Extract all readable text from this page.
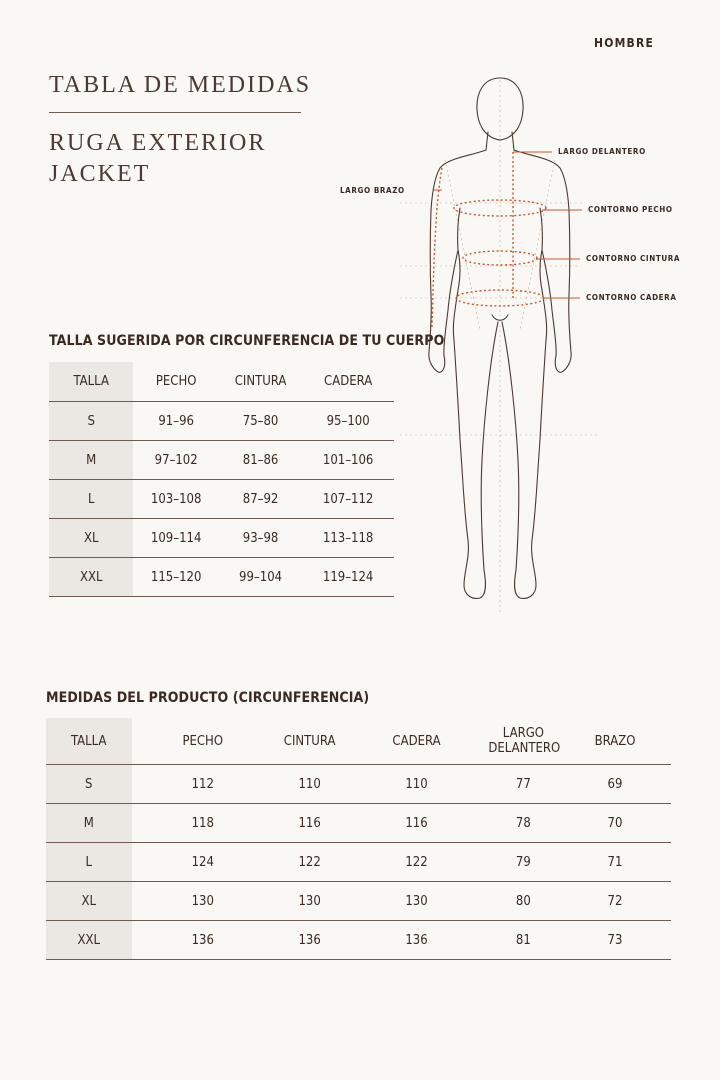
HOMBRE
TABLA DE MEDIDAS
RUGA EXTERIOR
JACKET
LARGO DELANTERO
LARGO BRAZO
CONTORNO PECHO
CONTORNO CINTURA
CONTORNO CADERA
TALLA SUGERIDA POR CIRCUNFERENCIA DE TU CUERPO
TALLA	PECHO	CINTURA	CADERA
S	91–96	75–80	95–100
M	97–102	81–86	101–106
L	103–108	87–92	107–112
XL	109–114	93–98	113–118
XXL	115–120	99–104	119–124
MEDIDAS DEL PRODUCTO (CIRCUNFERENCIA)
TALLA	PECHO	CINTURA	CADERA	LARGO DELANTERO	BRAZO
S	112	110	110	77	69
M	118	116	116	78	70
L	124	122	122	79	71
XL	130	130	130	80	72
XXL	136	136	136	81	73
